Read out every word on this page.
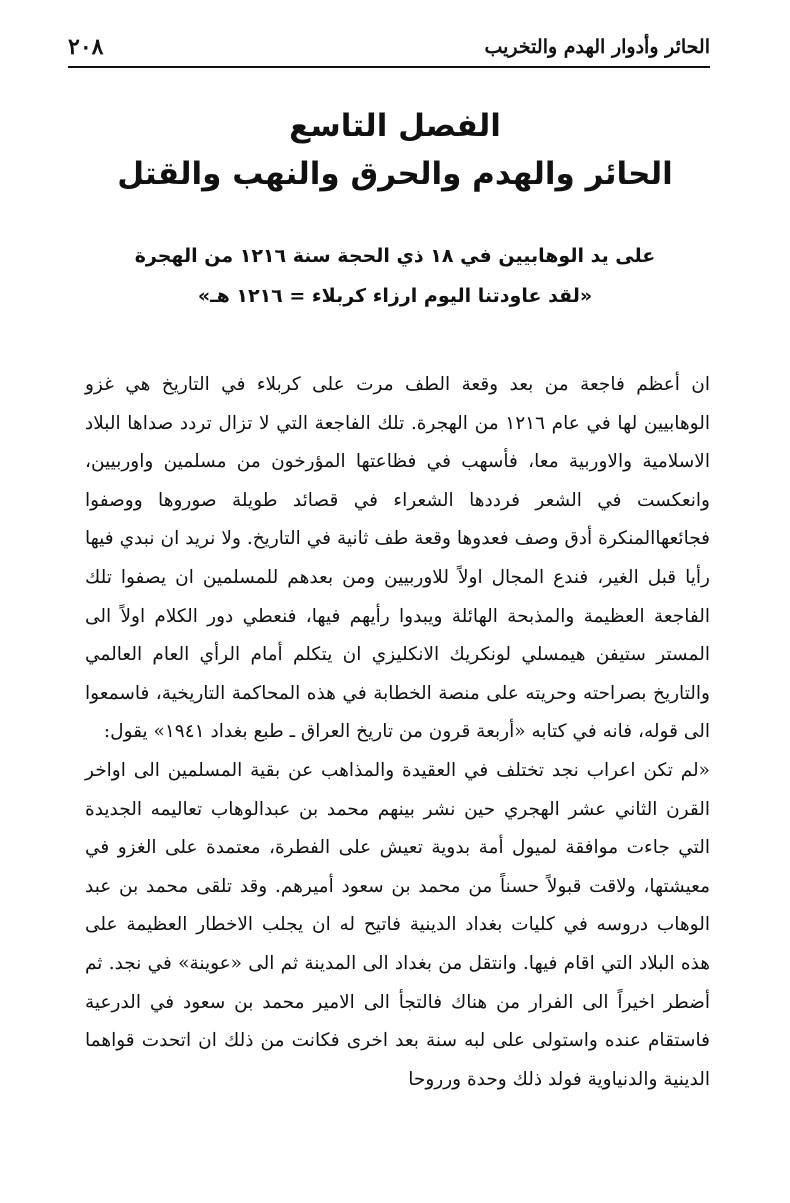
الحائر وأدوار الهدم والتخريب
٢٠٨
الفصل التاسع
الحائر والهدم والحرق والنهب والقتل
على يد الوهابيين في ١٨ ذي الحجة سنة ١٢١٦ من الهجرة
«لقد عاودتنا اليوم ارزاء كربلاء = ١٢١٦ هـ»

ان أعظم فاجعة من بعد وقعة الطف مرت على كربلاء في التاريخ هي غزو الوهابيين لها في عام ١٢١٦ من الهجرة. تلك الفاجعة التي لا تزال تردد صداها البلاد الاسلامية والاوربية معا، فأسهب في فظاعتها المؤرخون من مسلمين واوربيين، وانعكست في الشعر فرددها الشعراء في قصائد طويلة صوروها ووصفوا فجائعهاالمنكرة أدق وصف فعدوها وقعة طف ثانية في التاريخ. ولا نريد ان نبدي فيها رأيا قبل الغير، فندع المجال اولاً للاوربيين ومن بعدهم للمسلمين ان يصفوا تلك الفاجعة العظيمة والمذبحة الهائلة ويبدوا رأيهم فيها، فنعطي دور الكلام اولاً الى المستر ستيفن هيمسلي لونكريك الانكليزي ان يتكلم أمام الرأي العام العالمي والتاريخ بصراحته وحريته على منصة الخطابة في هذه المحاكمة التاريخية، فاسمعوا الى قوله، فانه في كتابه «أربعة قرون من تاريخ العراق ـ طبع بغداد ١٩٤١» يقول:

«لم تكن اعراب نجد تختلف في العقيدة والمذاهب عن بقية المسلمين الى اواخر القرن الثاني عشر الهجري حين نشر بينهم محمد بن عبدالوهاب تعاليمه الجديدة التي جاءت موافقة لميول أمة بدوية تعيش على الفطرة، معتمدة على الغزو في معيشتها، ولاقت قبولاً حسناً من محمد بن سعود أميرهم. وقد تلقى محمد بن عبد الوهاب دروسه في كليات بغداد الدينية فاتيح له ان يجلب الاخطار العظيمة على هذه البلاد التي اقام فيها. وانتقل من بغداد الى المدينة ثم الى «عوينة» في نجد. ثم أضطر اخيراً الى الفرار من هناك فالتجأ الى الامير محمد بن سعود في الدرعية فاستقام عنده واستولى على لبه سنة بعد اخرى فكانت من ذلك ان اتحدت قواهما الدينية والدنياوية فولد ذلك وحدة ورروحا
